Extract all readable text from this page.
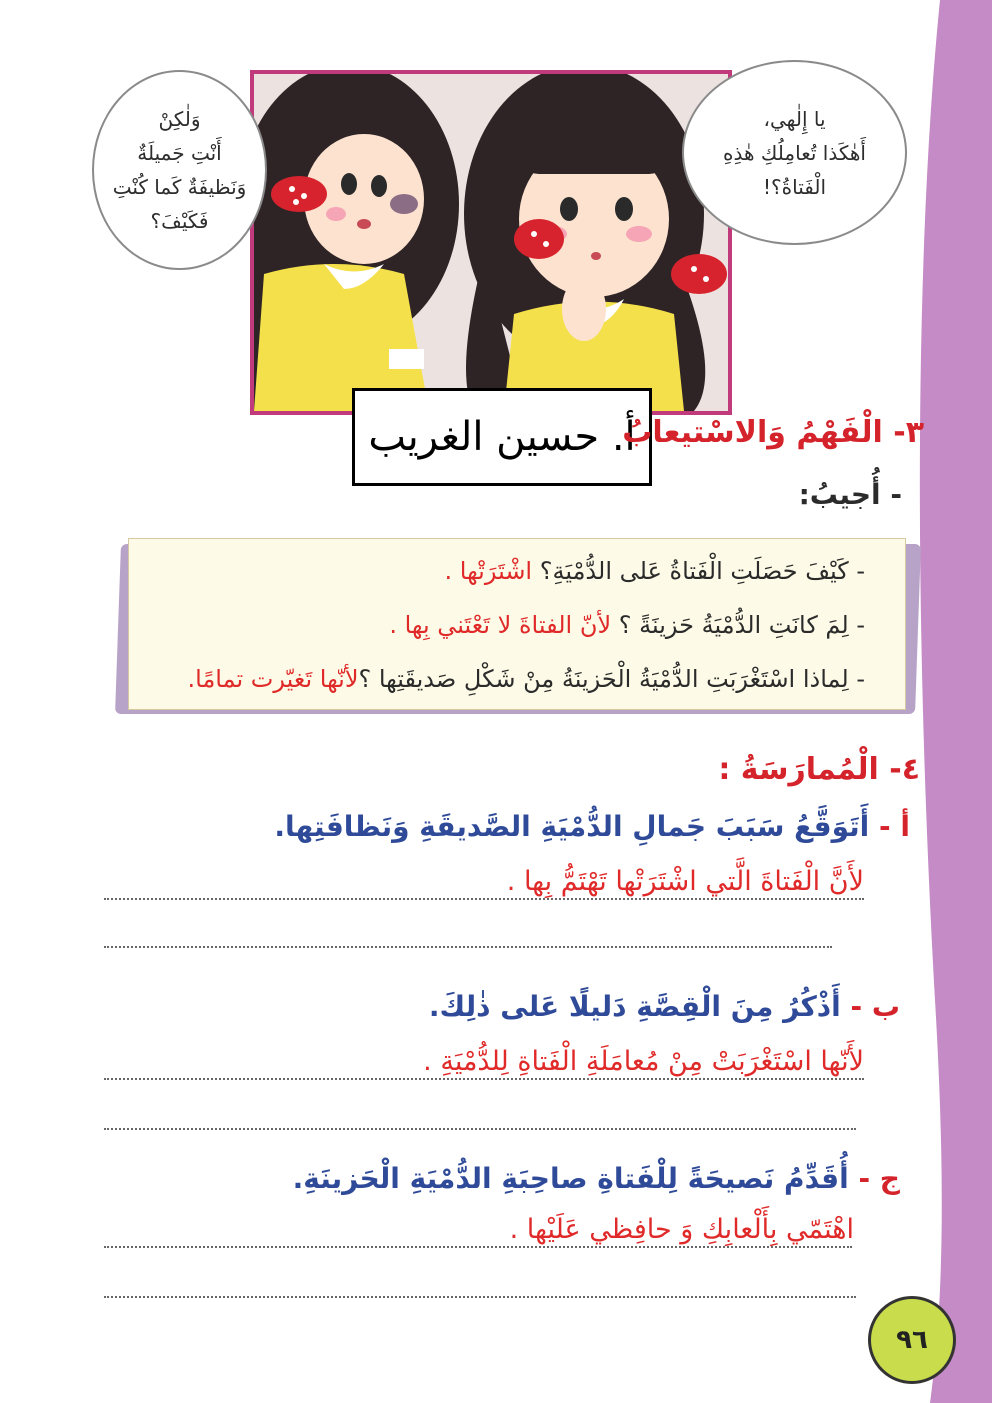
وَلٰكِنْ
أَنْتِ جَميلَةٌ
وَنَظيفَةٌ كَما كُنْتِ
فَكَيْفَ؟
يا إِلٰهي،
أَهٰكَذا تُعامِلُكِ هٰذِهِ
الْفَتاةُ؟!
أ. حسين الغريب
٣- الْفَهْمُ وَالاسْتيعابُ
- أُجيبُ:
- كَيْفَ حَصَلَتِ الْفَتاةُ عَلى الدُّمْيَةِ؟ اشْتَرَتْها .
- لِمَ كانَتِ الدُّمْيَةُ حَزينَةً ؟ لأنّ الفتاةَ لا تَعْتَني بِها .
- لِماذا اسْتَغْرَبَتِ الدُّمْيَةُ الْحَزينَةُ مِنْ شَكْلِ صَديقَتِها ؟لأنّها تَغيّرت تمامًا.
٤- الْمُمارَسَةُ :
أ - أَتَوَقَّعُ سَبَبَ جَمالِ الدُّمْيَةِ الصَّديقَةِ وَنَظافَتِها.
لأَنَّ الْفَتاةَ الَّتي اشْتَرَتْها تَهْتَمُّ بِها .
ب - أَذْكُرُ مِنَ الْقِصَّةِ دَليلًا عَلى ذٰلِكَ.
لأَنّها اسْتَغْرَبَتْ مِنْ مُعامَلَةِ الْفَتاةِ لِلدُّمْيَةِ .
ج - أُقَدِّمُ نَصيحَةً لِلْفَتاةِ صاحِبَةِ الدُّمْيَةِ الْحَزينَةِ.
اهْتَمّي بِأَلْعابِكِ وَ حافِظي عَلَيْها .
٩٦
